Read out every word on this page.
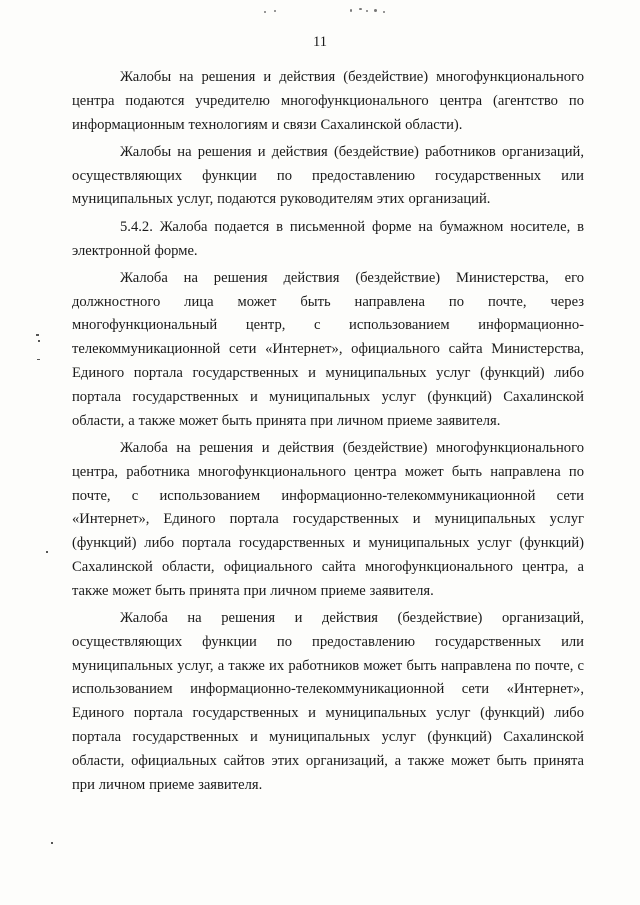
11

Жалобы на решения и действия (бездействие) многофункционального центра подаются учредителю многофункционального центра (агентство по информационным технологиям и связи Сахалинской области).

Жалобы на решения и действия (бездействие) работников организаций, осуществляющих функции по предоставлению государственных или муниципальных услуг, подаются руководителям этих организаций.

5.4.2. Жалоба подается в письменной форме на бумажном носителе, в электронной форме.

Жалоба на решения действия (бездействие) Министерства, его должностного лица может быть направлена по почте, через многофункциональный центр, с использованием информационно-телекоммуникационной сети «Интернет», официального сайта Министерства, Единого портала государственных и муниципальных услуг (функций) либо портала государственных и муниципальных услуг (функций) Сахалинской области, а также может быть принята при личном приеме заявителя.

Жалоба на решения и действия (бездействие) многофункционального центра, работника многофункционального центра может быть направлена по почте, с использованием информационно-телекоммуникационной сети «Интернет», Единого портала государственных и муниципальных услуг (функций) либо портала государственных и муниципальных услуг (функций) Сахалинской области, официального сайта многофункционального центра, а также может быть принята при личном приеме заявителя.

Жалоба на решения и действия (бездействие) организаций, осуществляющих функции по предоставлению государственных или муниципальных услуг, а также их работников может быть направлена по почте, с использованием информационно-телекоммуникационной сети «Интернет», Единого портала государственных и муниципальных услуг (функций) либо портала государственных и муниципальных услуг (функций) Сахалинской области, официальных сайтов этих организаций, а также может быть принята при личном приеме заявителя.
